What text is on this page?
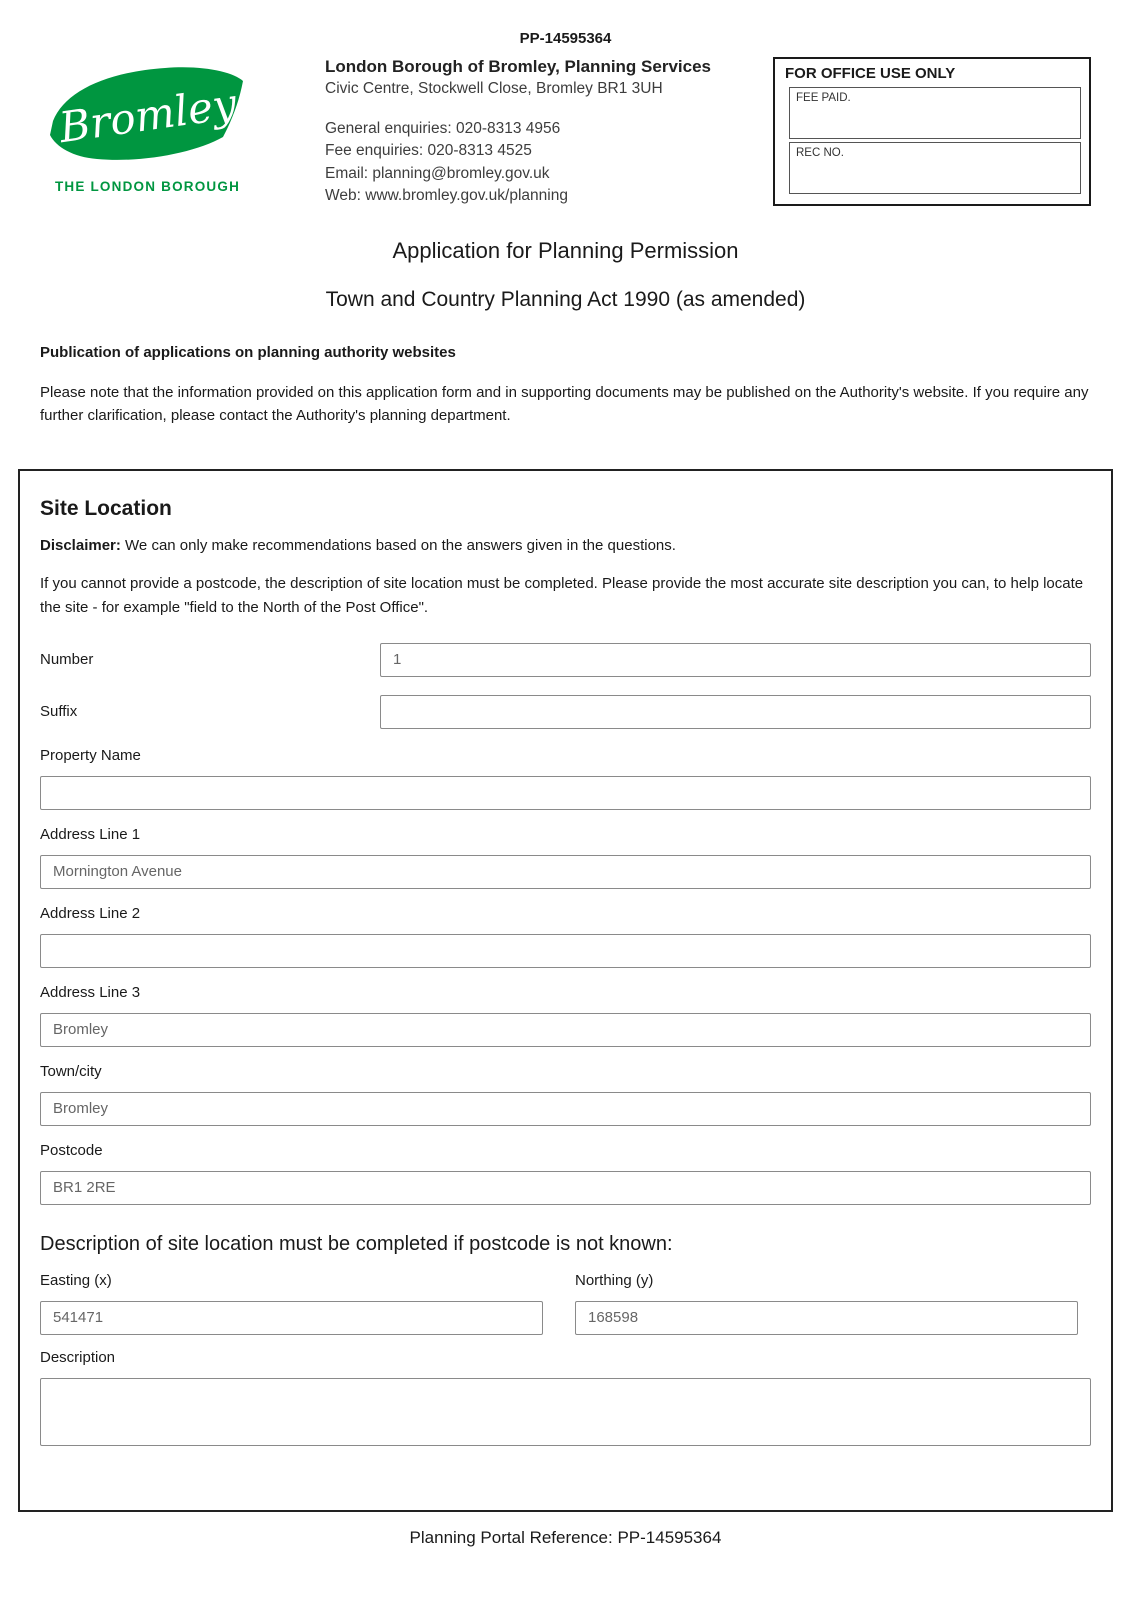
PP-14595364
Bromley
THE LONDON BOROUGH
London Borough of Bromley, Planning Services
Civic Centre, Stockwell Close, Bromley BR1 3UH
General enquiries: 020-8313 4956
Fee enquiries: 020-8313 4525
Email: planning@bromley.gov.uk
Web: www.bromley.gov.uk/planning
FOR OFFICE USE ONLY
FEE PAID.
REC NO.
Application for Planning Permission
Town and Country Planning Act 1990 (as amended)
Publication of applications on planning authority websites

Please note that the information provided on this application form and in supporting documents may be published on the Authority's website. If you require any further clarification, please contact the Authority's planning department.

Site Location

Disclaimer: We can only make recommendations based on the answers given in the questions.

If you cannot provide a postcode, the description of site location must be completed. Please provide the most accurate site description you can, to help locate the site - for example "field to the North of the Post Office".

Number
1
Suffix
Property Name
Address Line 1
Mornington Avenue
Address Line 2
Address Line 3
Bromley
Town/city
Bromley
Postcode
BR1 2RE
Description of site location must be completed if postcode is not known:
Easting (x)
541471	Northing (y)
168598
Description
Planning Portal Reference: PP-14595364
